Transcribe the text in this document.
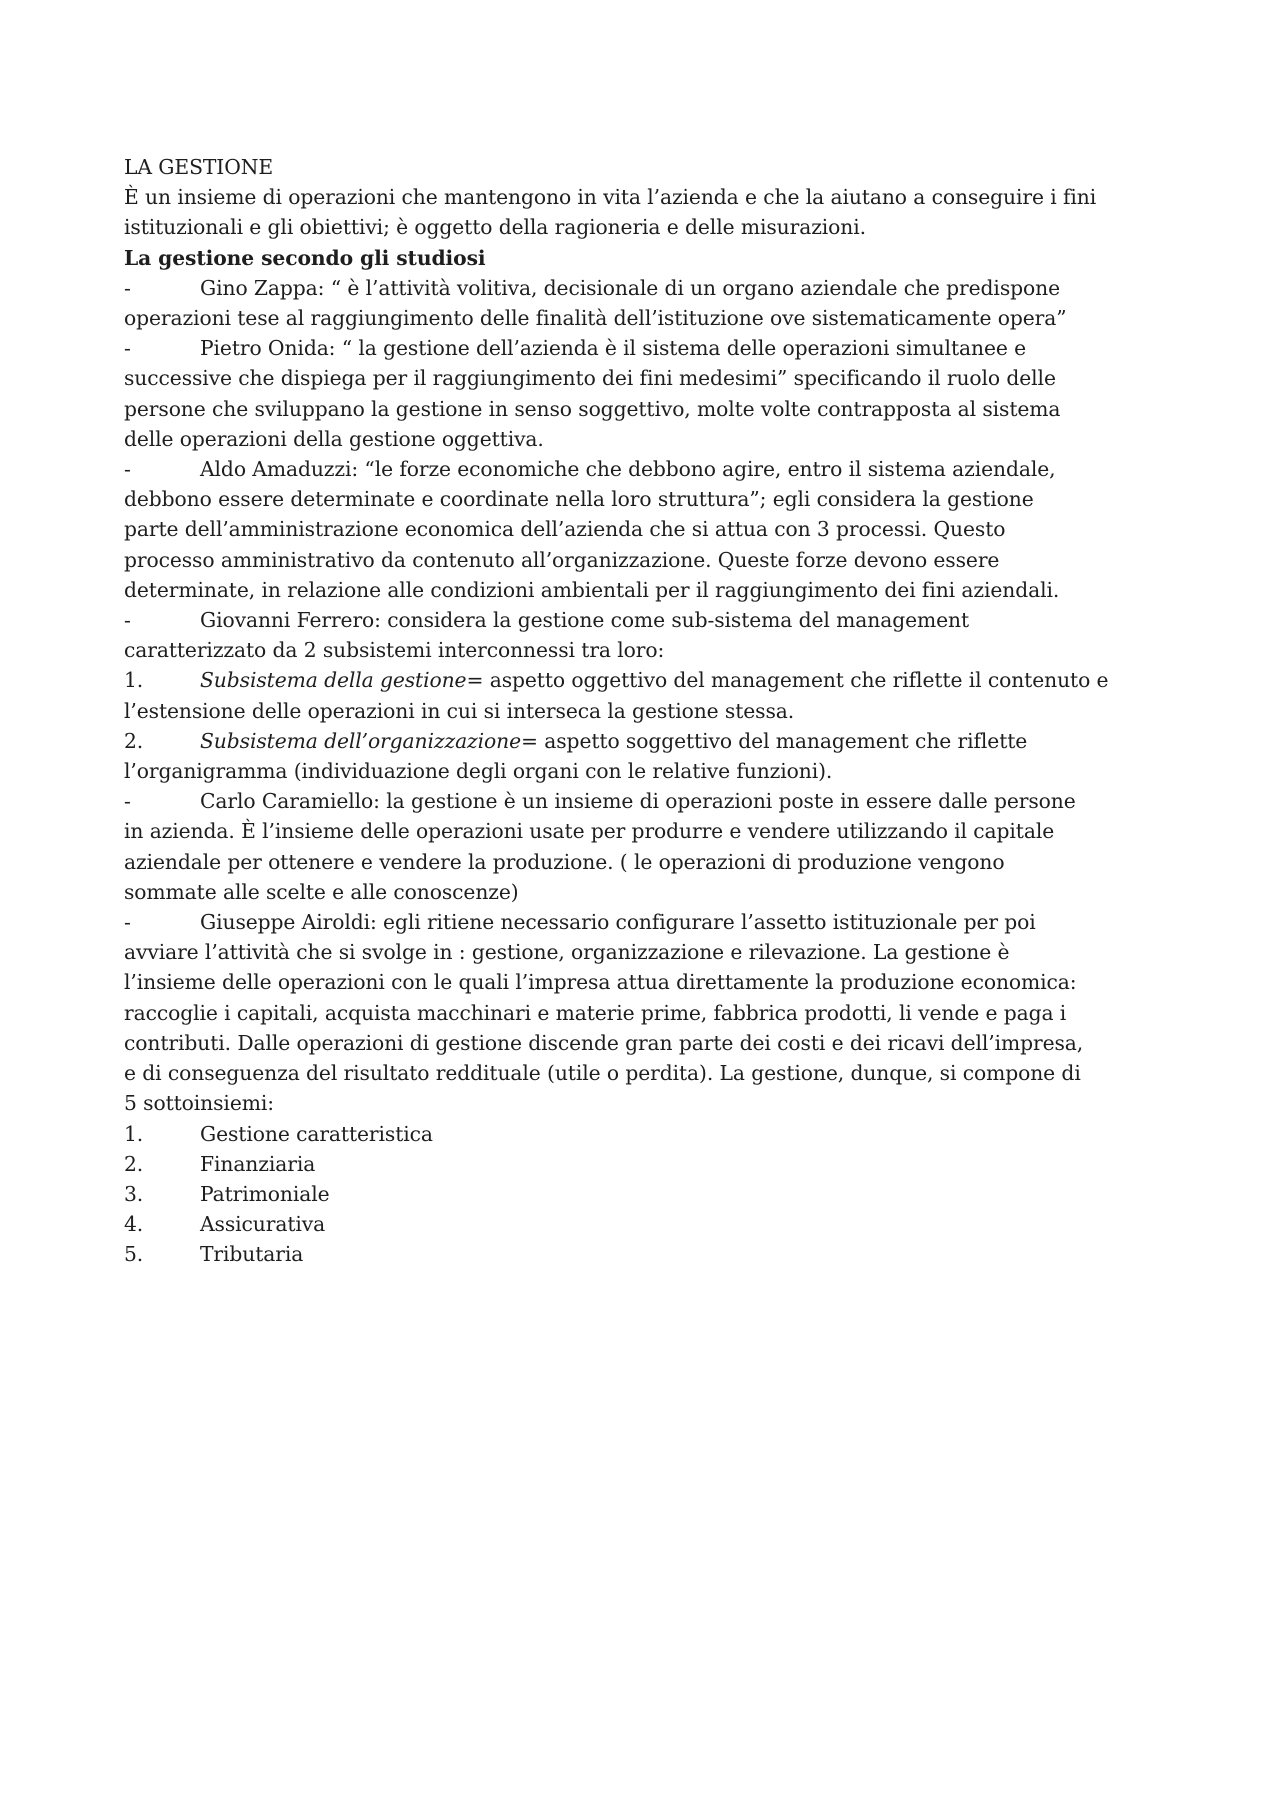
LA GESTIONE

È un insieme di operazioni che mantengono in vita l’azienda e che la aiutano a conseguire i fini

istituzionali e gli obiettivi; è oggetto della ragioneria e delle misurazioni.

La gestione secondo gli studiosi

-	Gino Zappa: “ è l’attività volitiva, decisionale di un organo aziendale che predispone

operazioni tese al raggiungimento delle finalità dell’istituzione ove sistematicamente opera”

-	Pietro Onida: “ la gestione dell’azienda è il sistema delle operazioni simultanee e

successive che dispiega per il raggiungimento dei fini medesimi” specificando il ruolo delle

persone che sviluppano la gestione in senso soggettivo, molte volte contrapposta al sistema

delle operazioni della gestione oggettiva.

-	Aldo Amaduzzi: “le forze economiche che debbono agire, entro il sistema aziendale,

debbono essere determinate e coordinate nella loro struttura”; egli considera la gestione

parte dell’amministrazione economica dell’azienda che si attua con 3 processi. Questo

processo amministrativo da contenuto all’organizzazione. Queste forze devono essere

determinate, in relazione alle condizioni ambientali per il raggiungimento dei fini aziendali.

-	Giovanni Ferrero: considera la gestione come sub-sistema del management

caratterizzato da 2 subsistemi interconnessi tra loro:

1.	Subsistema della gestione= aspetto oggettivo del management che riflette il contenuto e

l’estensione delle operazioni in cui si interseca la gestione stessa.

2.	Subsistema dell’organizzazione= aspetto soggettivo del management che riflette

l’organigramma (individuazione degli organi con le relative funzioni).

-	Carlo Caramiello: la gestione è un insieme di operazioni poste in essere dalle persone

in azienda. È l’insieme delle operazioni usate per produrre e vendere utilizzando il capitale

aziendale per ottenere e vendere la produzione. ( le operazioni di produzione vengono

sommate alle scelte e alle conoscenze)

-	Giuseppe Airoldi: egli ritiene necessario configurare l’assetto istituzionale per poi

avviare l’attività che si svolge in : gestione, organizzazione e rilevazione. La gestione è

l’insieme delle operazioni con le quali l’impresa attua direttamente la produzione economica:

raccoglie i capitali, acquista macchinari e materie prime, fabbrica prodotti, li vende e paga i

contributi. Dalle operazioni di gestione discende gran parte dei costi e dei ricavi dell’impresa,

e di conseguenza del risultato reddituale (utile o perdita). La gestione, dunque, si compone di

5 sottoinsiemi:

1.	Gestione caratteristica
2.	Finanziaria
3.	Patrimoniale
4.	Assicurativa
5.	Tributaria
